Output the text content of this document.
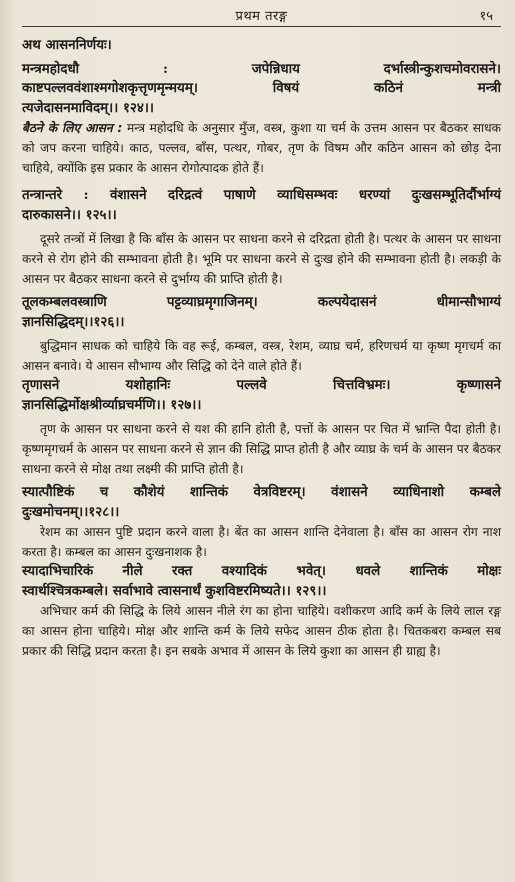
प्रथम तरङ्ग	१५

अथ आसननिर्णयः।

मन्त्रमहोदधौ : जपेन्निधाय दर्भास्त्रीन्कुशचमोवरासने।

काष्टपल्लववंशाश्मगोशकृत्तृणमृन्मयम्। विषयं कठिनं मन्त्री

त्यजेदासनमाविदम्।। १२४।।

बैठने के लिए आसन : मन्त्र महोदधि के अनुसार मुँज, वस्त्र, कुशा या चर्म के उत्तम आसन पर बैठकर साधक को जप करना चाहिये। काठ, पल्लव, बाँस, पत्थर, गोबर, तृण के विषम और कठिन आसन को छोड़ देना चाहिये, क्योंकि इस प्रकार के आसन रोगोत्पादक होते हैं।

तन्त्रान्तरे : वंशासने दरिद्रत्वं पाषाणे व्याधिसम्भवः धरण्यां दुःखसम्भूतिर्दौर्भाग्यं

दारुकासने।। १२५।।

दूसरे तन्त्रों में लिखा है कि बाँस के आसन पर साधना करने से दरिद्रता होती है। पत्थर के आसन पर साधना करने से रोग होने की सम्भावना होती है। भूमि पर साधना करने से दुःख होने की सम्भावना होती है। लकड़ी के आसन पर बैठकर साधना करने से दुर्भाग्य की प्राप्ति होती है।

तूलकम्बलवस्त्राणि पट्टव्याघ्रमृगाजिनम्। कल्पयेदासनं धीमान्सौभाग्यं

ज्ञानसिद्धिदम्।।१२६।।

बुद्धिमान साधक को चाहिये कि वह रूई, कम्बल, वस्त्र, रेशम, व्याघ्र चर्म, हरिणचर्म या कृष्ण मृगचर्म का आसन बनावे। ये आसन सौभाग्य और सिद्धि को देने वाले होते हैं।

तृणासने यशोहानिः पल्लवे चित्तविभ्रमः। कृष्णासने

ज्ञानसिद्धिर्मोक्षश्रीर्व्याघ्रचर्मणि।। १२७।।

तृण के आसन पर साधना करने से यश की हानि होती है, पत्तों के आसन पर चित में भ्रान्ति पैदा होती है। कृष्णमृगचर्म के आसन पर साधना करने से ज्ञान की सिद्धि प्राप्त होती है और व्याघ्र के चर्म के आसन पर बैठकर साधना करने से मोक्ष तथा लक्ष्मी की प्राप्ति होती है।

स्यात्पौष्टिकं च कौशेयं शान्तिकं वेत्रविष्टरम्। वंशासने व्याधिनाशो कम्बले

दुःखमोचनम्।।१२८।।

रेशम का आसन पुष्टि प्रदान करने वाला है। बेंत का आसन शान्ति देनेवाला है। बाँस का आसन रोग नाश करता है। कम्बल का आसन दुःखनाशक है।

स्यादाभिचारिकं नीले रक्त वश्यादिकं भवेत्। धवले शान्तिकं मोक्षः

स्वार्थश्चित्रकम्बले। सर्वाभावे त्वासनार्थं कुशविष्टरमिष्यते।। १२९।।

अभिचार कर्म की सिद्धि के लिये आसन नीले रंग का होना चाहिये। वशीकरण आदि कर्म के लिये लाल रङ्ग का आसन होना चाहिये। मोक्ष और शान्ति कर्म के लिये सफेद आसन ठीक होता है। चितकबरा कम्बल सब प्रकार की सिद्धि प्रदान करता है। इन सबके अभाव में आसन के लिये कुशा का आसन ही ग्राह्य है।
